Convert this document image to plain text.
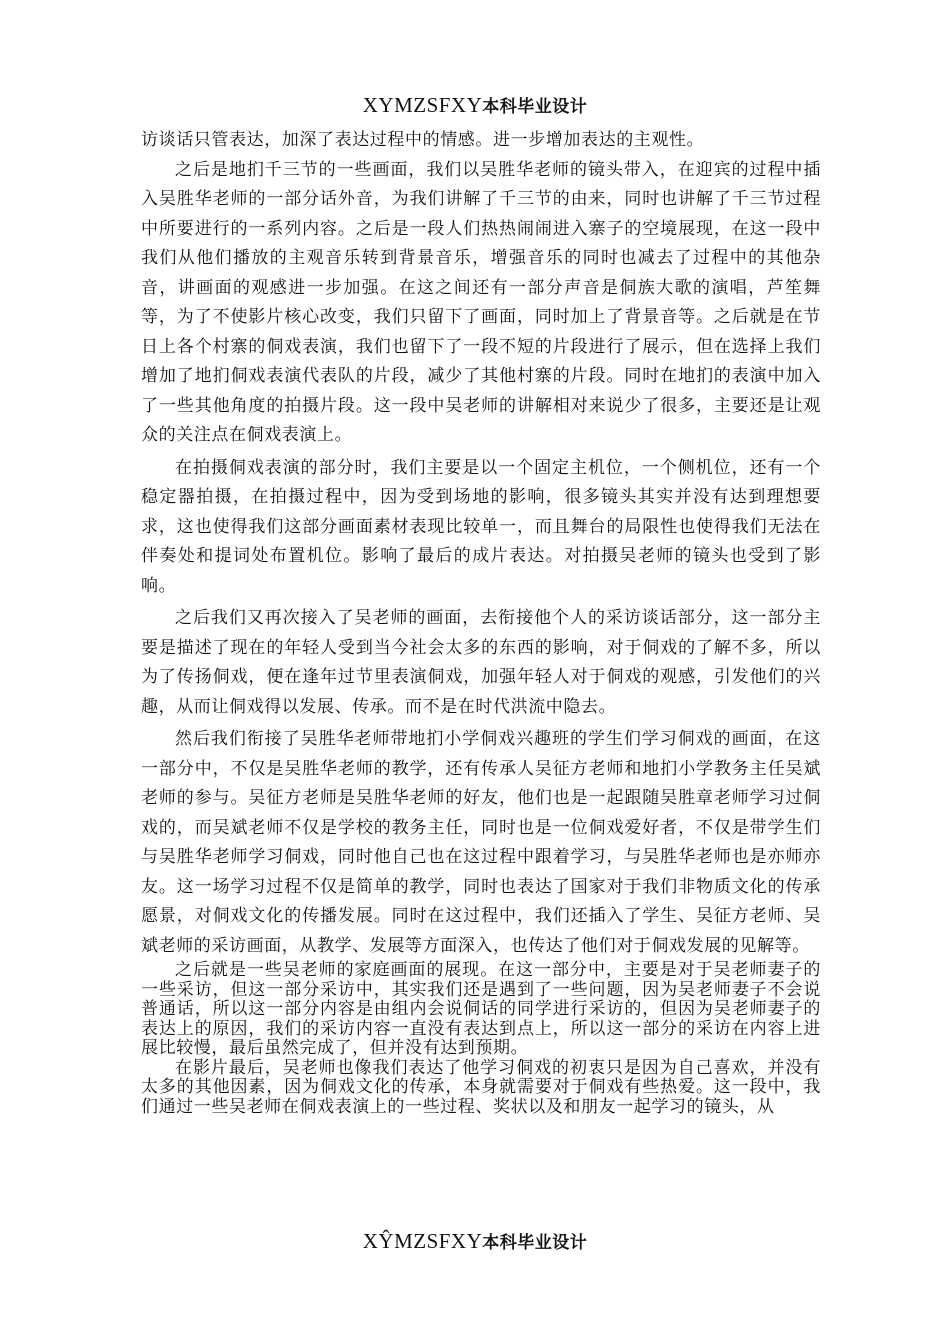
XYMZSFXY本科毕业设计

访谈话只管表达，加深了表达过程中的情感。进一步增加表达的主观性。

之后是地扪千三节的一些画面，我们以吴胜华老师的镜头带入，在迎宾的过程中插入吴胜华老师的一部分话外音，为我们讲解了千三节的由来，同时也讲解了千三节过程中所要进行的一系列内容。之后是一段人们热热闹闹进入寨子的空境展现，在这一段中我们从他们播放的主观音乐转到背景音乐，增强音乐的同时也减去了过程中的其他杂音，讲画面的观感进一步加强。在这之间还有一部分声音是侗族大歌的演唱，芦笙舞等，为了不使影片核心改变，我们只留下了画面，同时加上了背景音等。之后就是在节日上各个村寨的侗戏表演，我们也留下了一段不短的片段进行了展示，但在选择上我们增加了地扪侗戏表演代表队的片段，减少了其他村寨的片段。同时在地扪的表演中加入了一些其他角度的拍摄片段。这一段中吴老师的讲解相对来说少了很多，主要还是让观众的关注点在侗戏表演上。

在拍摄侗戏表演的部分时，我们主要是以一个固定主机位，一个侧机位，还有一个稳定器拍摄，在拍摄过程中，因为受到场地的影响，很多镜头其实并没有达到理想要求，这也使得我们这部分画面素材表现比较单一，而且舞台的局限性也使得我们无法在伴奏处和提词处布置机位。影响了最后的成片表达。对拍摄吴老师的镜头也受到了影响。

之后我们又再次接入了吴老师的画面，去衔接他个人的采访谈话部分，这一部分主要是描述了现在的年轻人受到当今社会太多的东西的影响，对于侗戏的了解不多，所以为了传扬侗戏，便在逢年过节里表演侗戏，加强年轻人对于侗戏的观感，引发他们的兴趣，从而让侗戏得以发展、传承。而不是在时代洪流中隐去。

然后我们衔接了吴胜华老师带地扪小学侗戏兴趣班的学生们学习侗戏的画面，在这一部分中，不仅是吴胜华老师的教学，还有传承人吴征方老师和地扪小学教务主任吴斌老师的参与。吴征方老师是吴胜华老师的好友，他们也是一起跟随吴胜章老师学习过侗戏的，而吴斌老师不仅是学校的教务主任，同时也是一位侗戏爱好者，不仅是带学生们与吴胜华老师学习侗戏，同时他自己也在这过程中跟着学习，与吴胜华老师也是亦师亦友。这一场学习过程不仅是简单的教学，同时也表达了国家对于我们非物质文化的传承愿景，对侗戏文化的传播发展。同时在这过程中，我们还插入了学生、吴征方老师、吴斌老师的采访画面，从教学、发展等方面深入，也传达了他们对于侗戏发展的见解等。

之后就是一些吴老师的家庭画面的展现。在这一部分中，主要是对于吴老师妻子的一些采访，但这一部分采访中，其实我们还是遇到了一些问题，因为吴老师妻子不会说普通话，所以这一部分内容是由组内会说侗话的同学进行采访的，但因为吴老师妻子的表达上的原因，我们的采访内容一直没有表达到点上，所以这一部分的采访在内容上进展比较慢，最后虽然完成了，但并没有达到预期。

在影片最后，吴老师也像我们表达了他学习侗戏的初衷只是因为自己喜欢，并没有太多的其他因素，因为侗戏文化的传承，本身就需要对于侗戏有些热爱。这一段中，我们通过一些吴老师在侗戏表演上的一些过程、奖状以及和朋友一起学习的镜头，从

XŶMZSFXY本科毕业设计
